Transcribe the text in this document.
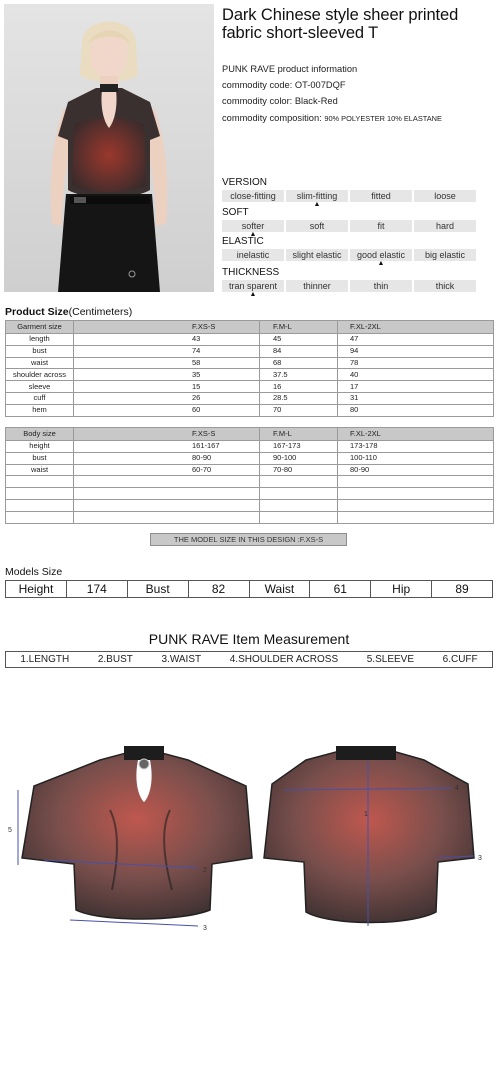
Dark Chinese style sheer printed fabric short-sleeved T
PUNK RAVE product information
commodity code: OT-007DQF
commodity color: Black-Red
commodity composition: 90% POLYESTER 10% ELASTANE
VERSION
close-fitting	slim-fitting	fitted	loose
▲
SOFT
softer	soft	fit	hard
▲
ELASTIC
inelastic	slight elastic	good elastic	big elastic
▲
THICKNESS
tran sparent	thinner	thin	thick
▲
Product Size(Centimeters)
Garment size	F.XS-S	F.M-L	F.XL-2XL
length	43	45	47
bust	74	84	94
waist	58	68	78
shoulder across	35	37.5	40
sleeve	15	16	17
cuff	26	28.5	31
hem	60	70	80
Body size	F.XS-S	F.M-L	F.XL-2XL
height	161-167	167-173	173-178
bust	80-90	90-100	100-110
waist	60-70	70-80	80-90

THE MODEL SIZE IN THIS DESIGN :F.XS-S
Models Size
Height	174	Bust	82	Waist	61	Hip	89
PUNK RAVE Item Measurement
1.LENGTH	2.BUST	3.WAIST	4.SHOULDER ACROSS	5.SLEEVE	6.CUFF
2
3
5
1
4
3
